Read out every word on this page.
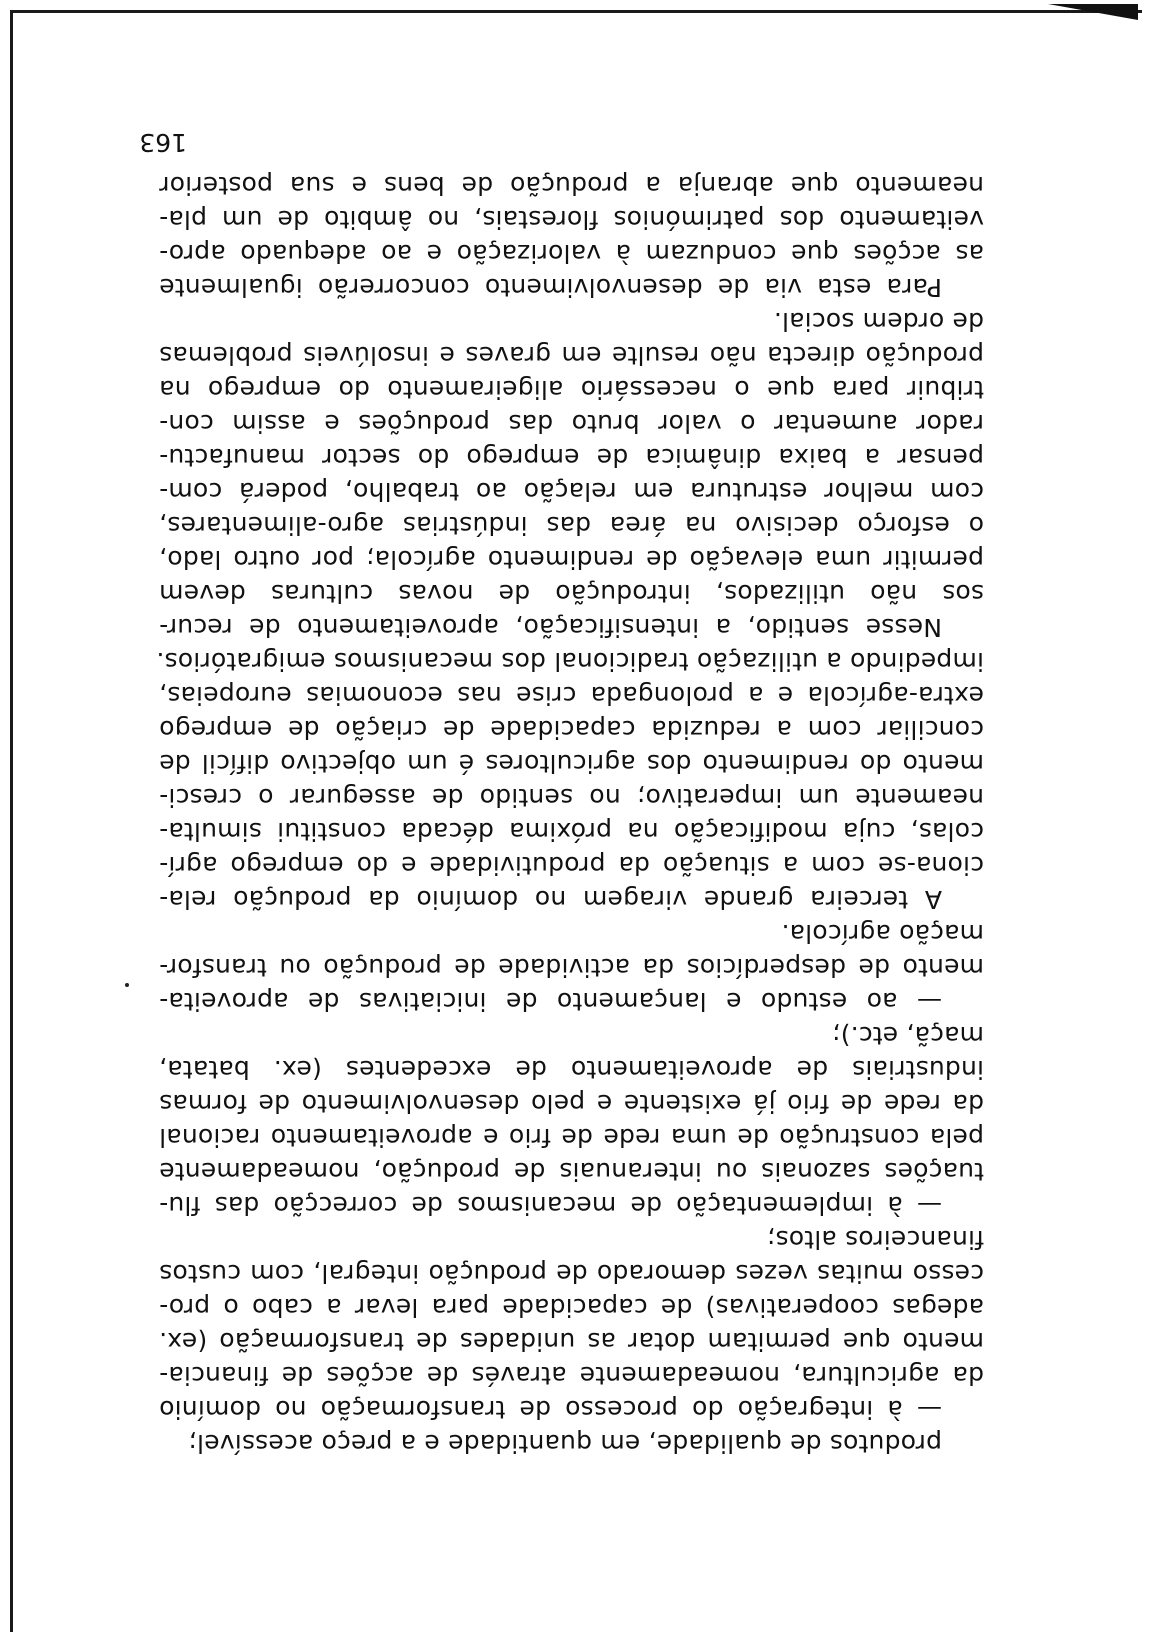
produtos de qualidade, em quantidade e a preço acessível;
— à integração do processo de transformação no domínio
da agricultura, nomeadamente através de acções de financia-
mento que permitam dotar as unidades de transformação (ex.
adegas cooperativas) de capacidade para levar a cabo o pro-
cesso muitas vezes demorado de produção integral, com custos
financeiros altos;
— à implementação de mecanismos de correcção das flu-
tuações sazonais ou interanuais de produção, nomeadamente
pela construção de uma rede de frio e aproveitamento racional
da rede de frio já existente e pelo desenvolvimento de formas
industriais de aproveitamento de excedentes (ex. batata,
maçã, etc.);
— ao estudo e lançamento de iniciativas de aproveita-
mento de desperdícios da actividade de produção ou transfor-
mação agrícola.
A terceira grande viragem no domínio da produção rela-
ciona-se com a situação da produtividade e do emprego agrí-
colas, cuja modificação na próxima década constitui simulta-
neamente um imperativo; no sentido de assegurar o cresci-
mento do rendimento dos agricultores é um objectivo difícil de
conciliar com a reduzida capacidade de criação de emprego
extra-agrícola e a prolongada crise nas economias europeias,
impedindo a utilização tradicional dos mecanismos emigratórios.
Nesse sentido, a intensificação, aproveitamento de recur-
sos não utilizados, introdução de novas culturas devem
permitir uma elevação de rendimento agrícola; por outro lado,
o esforço decisivo na área das indústrias agro-alimentares,
com melhor estrutura em relação ao trabalho, poderá com-
pensar a baixa dinâmica de emprego do sector manufactu-
rador aumentar o valor bruto das produções e assim con-
tribuir para que o necessário aligeiramento do emprego na
produção directa não resulte em graves e insolúveis problemas
de ordem social.
Para esta via de desenvolvimento concorrerão igualmente
as acções que conduzam à valorização e ao adequado apro-
veitamento dos patrimónios florestais, no âmbito de um pla-
neamento que abranja a produção de bens e sua posterior
163
